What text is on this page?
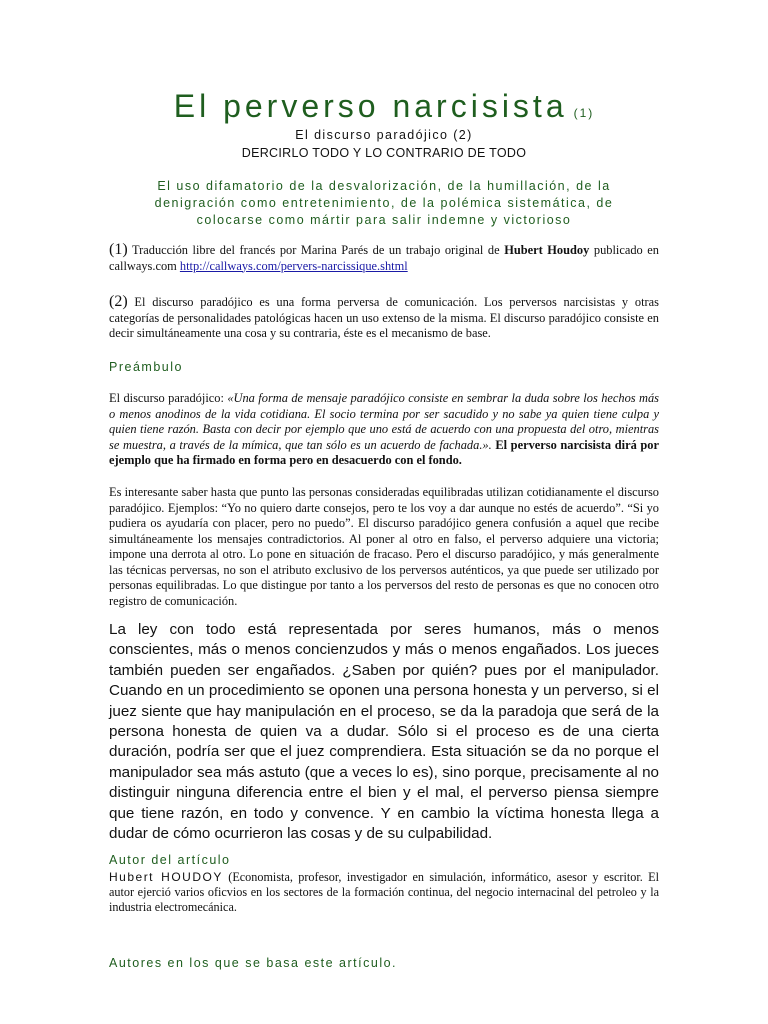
El perverso narcisista (1)
El discurso paradójico (2)
DERCIRLO TODO Y LO CONTRARIO DE TODO
El uso difamatorio de la desvalorización, de la humillación, de la denigración como entretenimiento, de la polémica sistemática, de colocarse como mártir para salir indemne y victorioso
(1) Traducción libre del francés por Marina Parés de un trabajo original de Hubert Houdoy publicado en callways.com http://callways.com/pervers-narcissique.shtml
(2) El discurso paradójico es una forma perversa de comunicación. Los perversos narcisistas y otras categorías de personalidades patológicas hacen un uso extenso de la misma. El discurso paradójico consiste en decir simultáneamente una cosa y su contraria, éste es el mecanismo de base.
Preámbulo
El discurso paradójico: «Una forma de mensaje paradójico consiste en sembrar la duda sobre los hechos más o menos anodinos de la vida cotidiana. El socio termina por ser sacudido y no sabe ya quien tiene culpa y quien tiene razón. Basta con decir por ejemplo que uno está de acuerdo con una propuesta del otro, mientras se muestra, a través de la mímica, que tan sólo es un acuerdo de fachada.». El perverso narcisista dirá por ejemplo que ha firmado en forma pero en desacuerdo con el fondo.
Es interesante saber hasta que punto las personas consideradas equilibradas utilizan cotidianamente el discurso paradójico. Ejemplos: “Yo no quiero darte consejos, pero te los voy a dar aunque no estés de acuerdo”. “Si yo pudiera os ayudaría con placer, pero no puedo”. El discurso paradójico genera confusión a aquel que recibe simultáneamente los mensajes contradictorios. Al poner al otro en falso, el perverso adquiere una victoria; impone una derrota al otro. Lo pone en situación de fracaso. Pero el discurso paradójico, y más generalmente las técnicas perversas, no son el atributo exclusivo de los perversos auténticos, ya que puede ser utilizado por personas equilibradas. Lo que distingue por tanto a los perversos del resto de personas es que no conocen otro registro de comunicación.
La ley con todo está representada por seres humanos, más o menos conscientes, más o menos concienzudos y más o menos engañados. Los jueces también pueden ser engañados. ¿Saben por quién? pues por el manipulador. Cuando en un procedimiento se oponen una persona honesta y un perverso, si el juez siente que hay manipulación en el proceso, se da la paradoja que será de la persona honesta de quien va a dudar. Sólo si el proceso es de una cierta duración, podría ser que el juez comprendiera. Esta situación se da no porque el manipulador sea más astuto (que a veces lo es), sino porque, precisamente al no distinguir ninguna diferencia entre el bien y el mal, el perverso piensa siempre que tiene razón, en todo y convence. Y en cambio la víctima honesta llega a dudar de cómo ocurrieron las cosas y de su culpabilidad.
Autor del artículo
Hubert HOUDOY (Economista, profesor, investigador en simulación, informático, asesor y escritor. El autor ejerció varios oficvios en los sectores de la formación continua, del negocio internacinal del petroleo y la industria electromecánica.
Autores en los que se basa este artículo.
